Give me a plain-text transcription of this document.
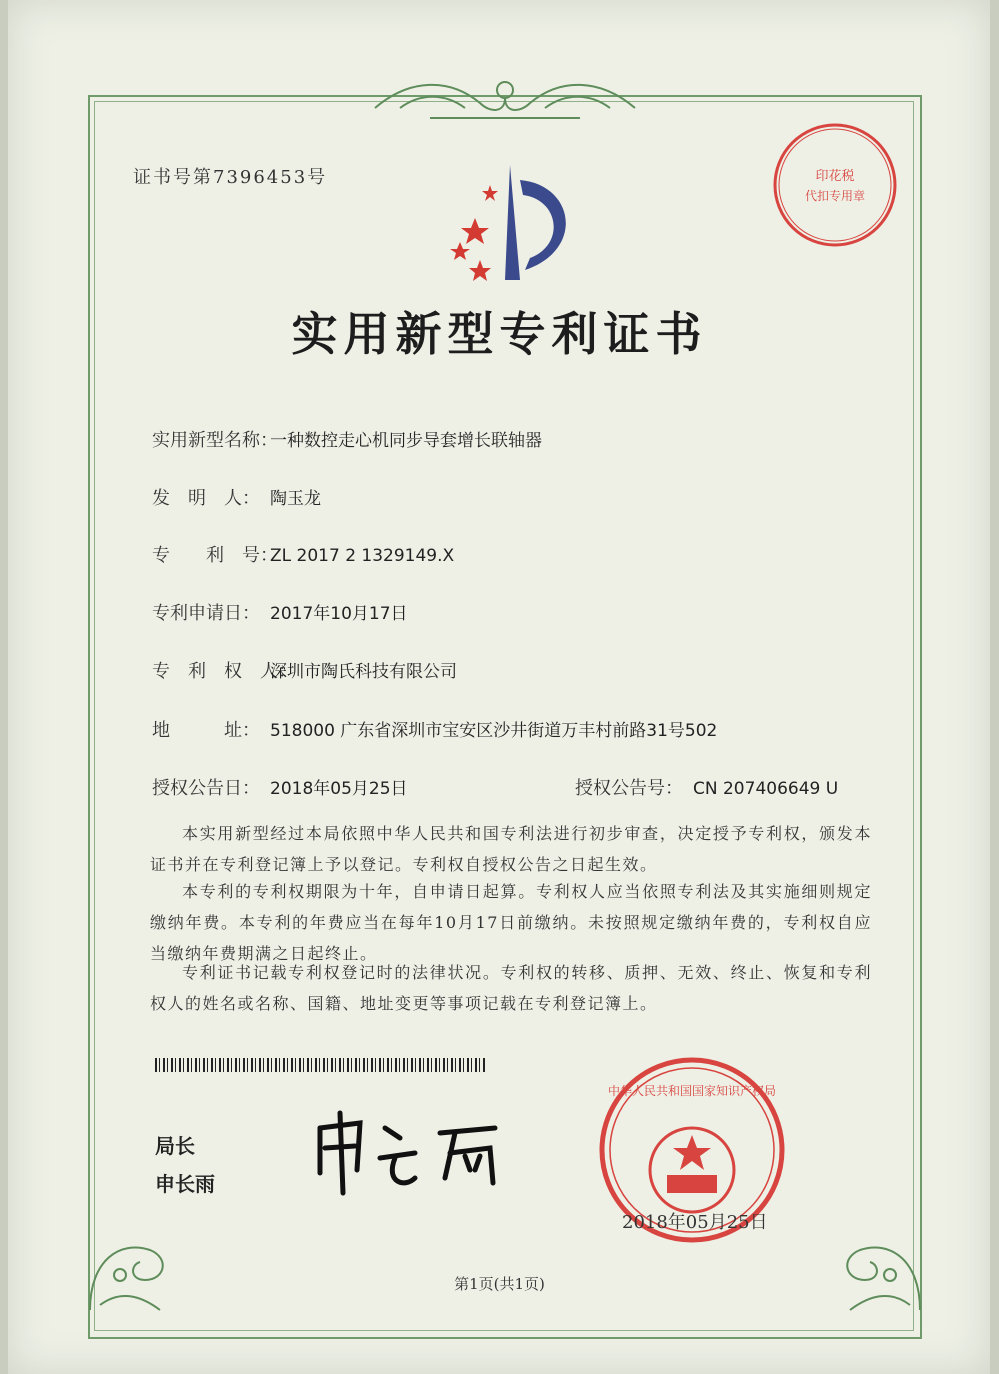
印花税
代扣专用章
证书号第7396453号
实用新型专利证书
实用新型名称：一种数控走心机同步导套增长联轴器
发　明　人： 陶玉龙
专　　利　号：ZL 2017 2 1329149.X
专利申请日： 2017年10月17日
专　利　权　人：深圳市陶氏科技有限公司
地　　　址： 518000 广东省深圳市宝安区沙井街道万丰村前路31号502
授权公告日： 2018年05月25日	授权公告号： CN 207406649 U
本实用新型经过本局依照中华人民共和国专利法进行初步审查，决定授予专利权，颁发本证书并在专利登记簿上予以登记。专利权自授权公告之日起生效。
本专利的专利权期限为十年，自申请日起算。专利权人应当依照专利法及其实施细则规定缴纳年费。本专利的年费应当在每年10月17日前缴纳。未按照规定缴纳年费的，专利权自应当缴纳年费期满之日起终止。
专利证书记载专利权登记时的法律状况。专利权的转移、质押、无效、终止、恢复和专利权人的姓名或名称、国籍、地址变更等事项记载在专利登记簿上。
局长
申长雨
中华人民共和国国家知识产权局
2018年05月25日
第1页(共1页)
